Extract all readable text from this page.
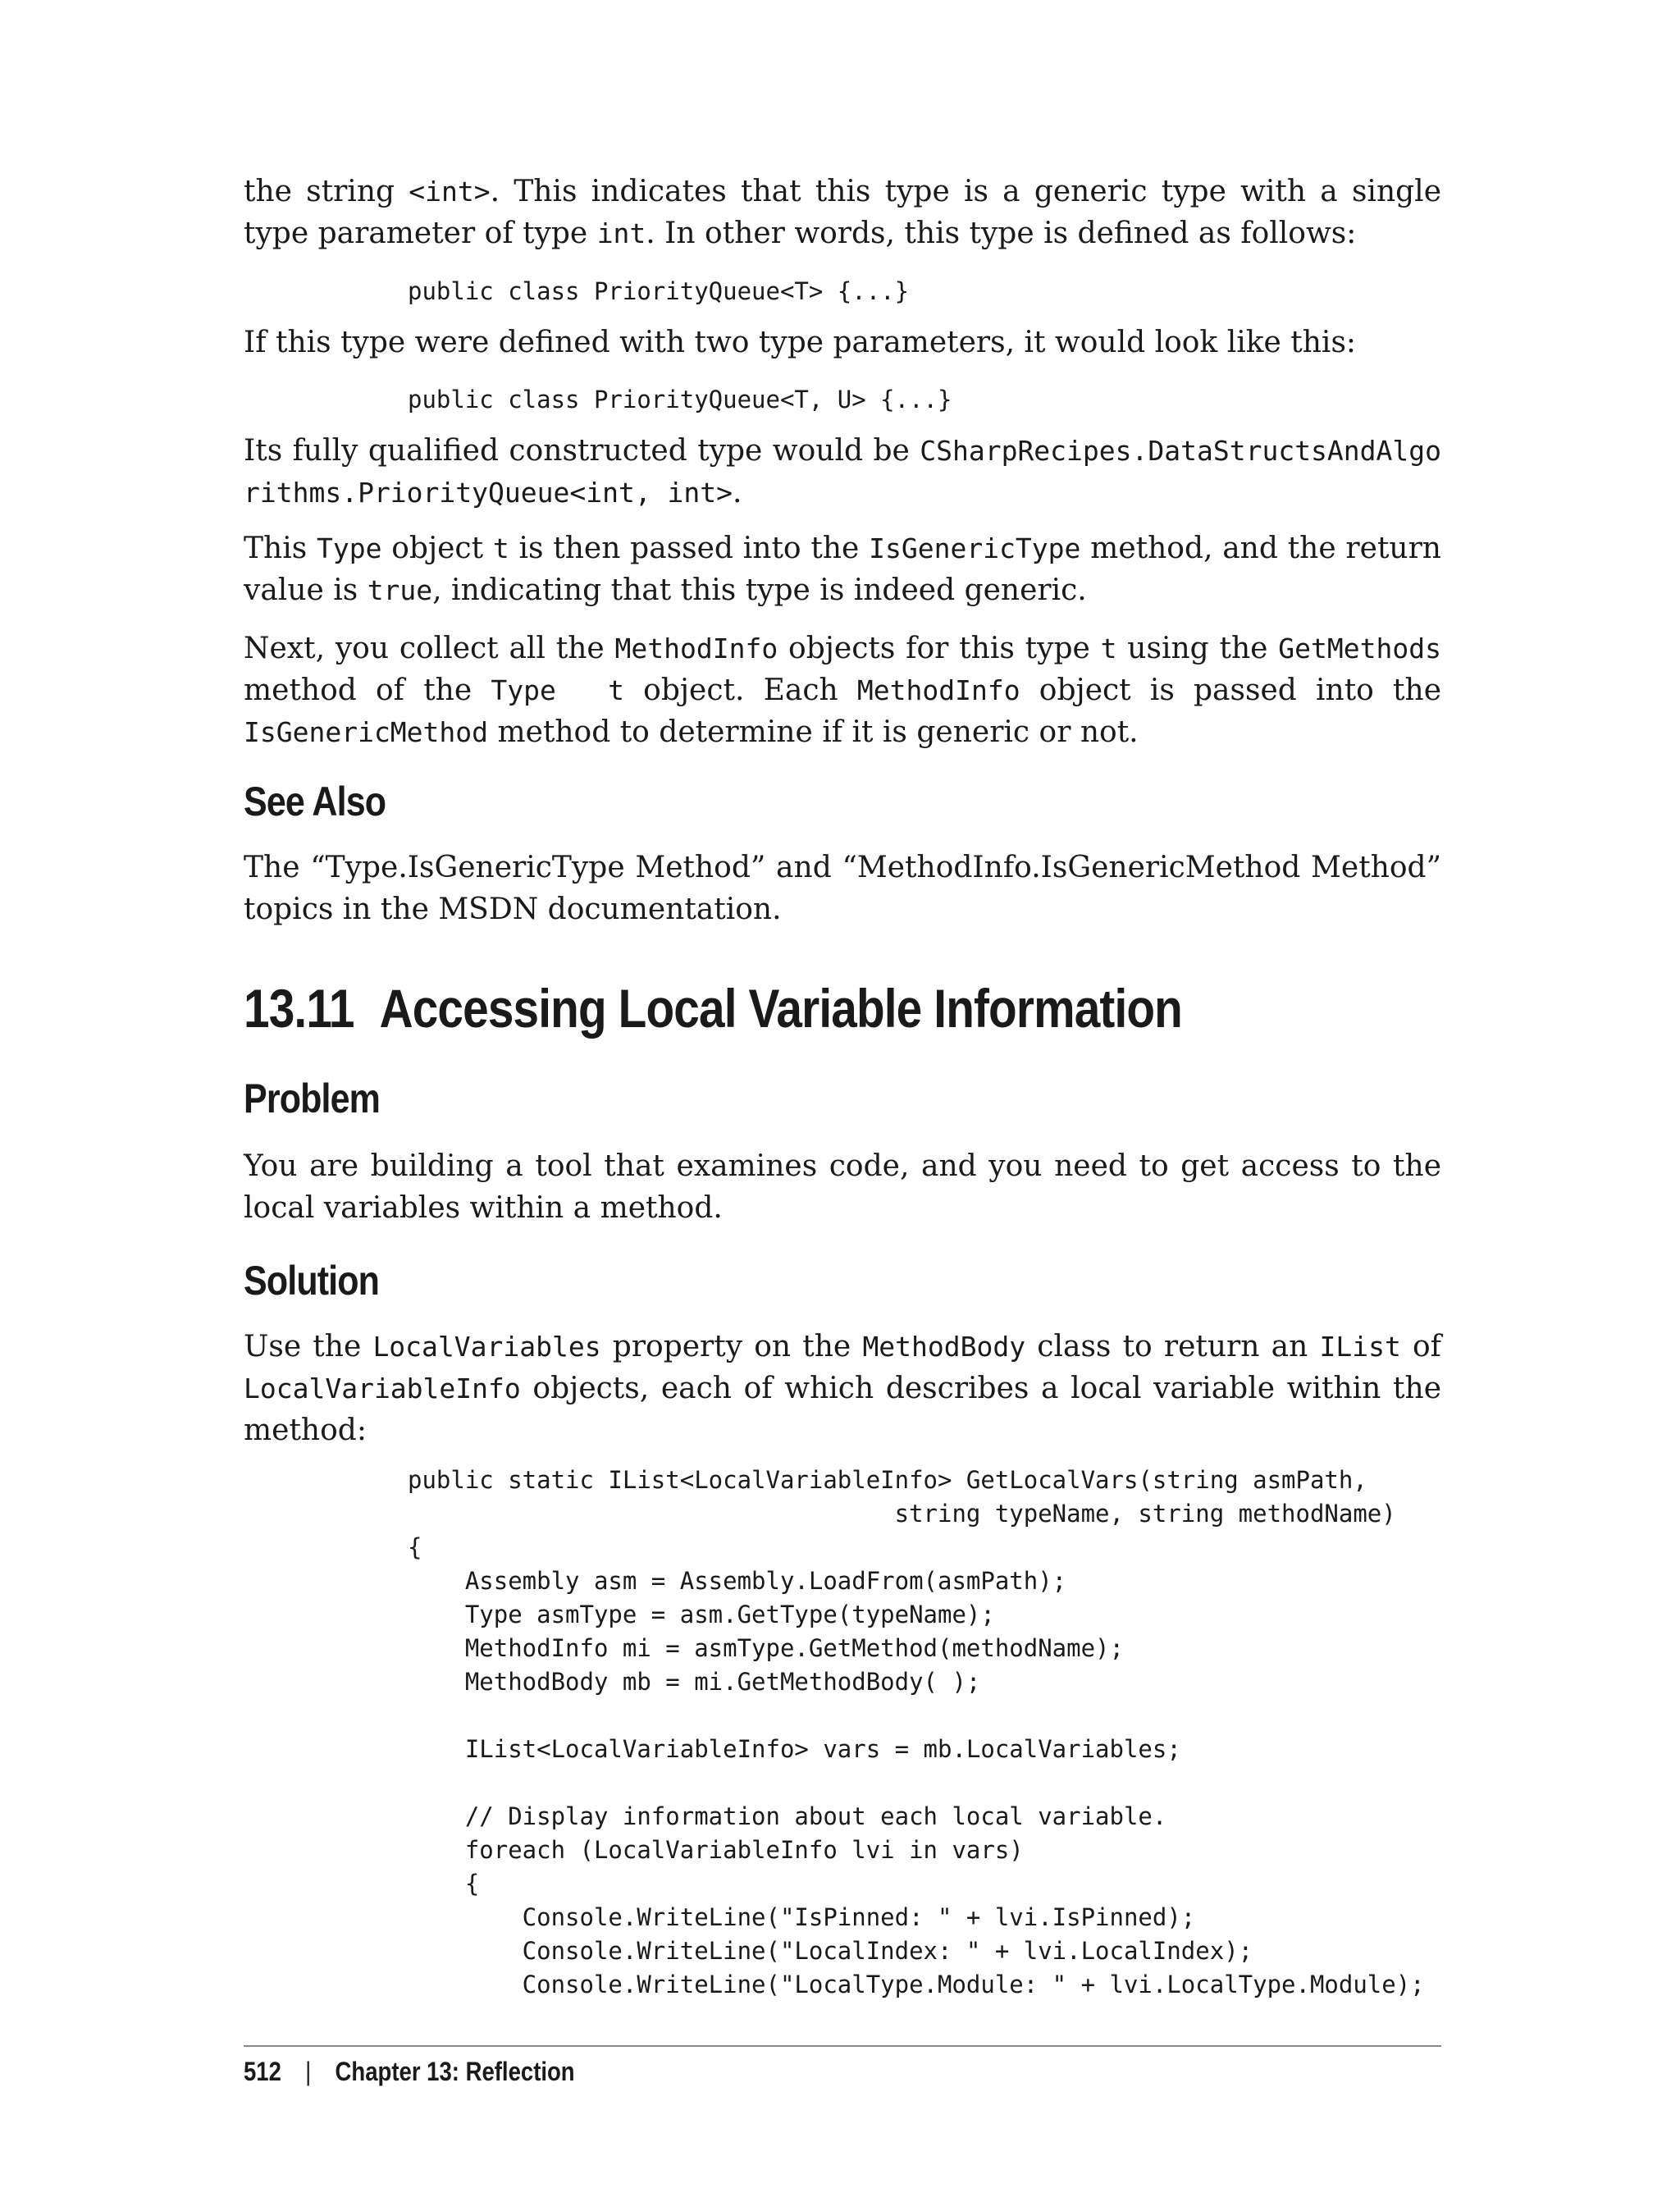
the string <int>. This indicates that this type is a generic type with a single type parameter of type int. In other words, this type is defined as follows:

public class PriorityQueue<T> {...}

If this type were defined with two type parameters, it would look like this:

public class PriorityQueue<T, U> {...}

Its fully qualified constructed type would be CSharpRecipes.DataStructsAndAlgorithms.PriorityQueue<int, int>.

This Type object t is then passed into the IsGenericType method, and the return value is true, indicating that this type is indeed generic.

Next, you collect all the MethodInfo objects for this type t using the GetMethods method of the Type  t object. Each MethodInfo object is passed into the IsGenericMethod method to determine if it is generic or not.

See Also

The “Type.IsGenericType Method” and “MethodInfo.IsGenericMethod Method” topics in the MSDN documentation.

13.11 Accessing Local Variable Information
Problem

You are building a tool that examines code, and you need to get access to the local variables within a method.

Solution

Use the LocalVariables property on the MethodBody class to return an IList of LocalVariableInfo objects, each of which describes a local variable within the method:

public static IList<LocalVariableInfo> GetLocalVars(string asmPath,
string typeName, string methodName)
{
Assembly asm = Assembly.LoadFrom(asmPath);
Type asmType = asm.GetType(typeName);
MethodInfo mi = asmType.GetMethod(methodName);
MethodBody mb = mi.GetMethodBody( );

IList<LocalVariableInfo> vars = mb.LocalVariables;

// Display information about each local variable.
foreach (LocalVariableInfo lvi in vars)
{
Console.WriteLine("IsPinned: " + lvi.IsPinned);
Console.WriteLine("LocalIndex: " + lvi.LocalIndex);
Console.WriteLine("LocalType.Module: " + lvi.LocalType.Module);
512 | Chapter 13: Reflection
